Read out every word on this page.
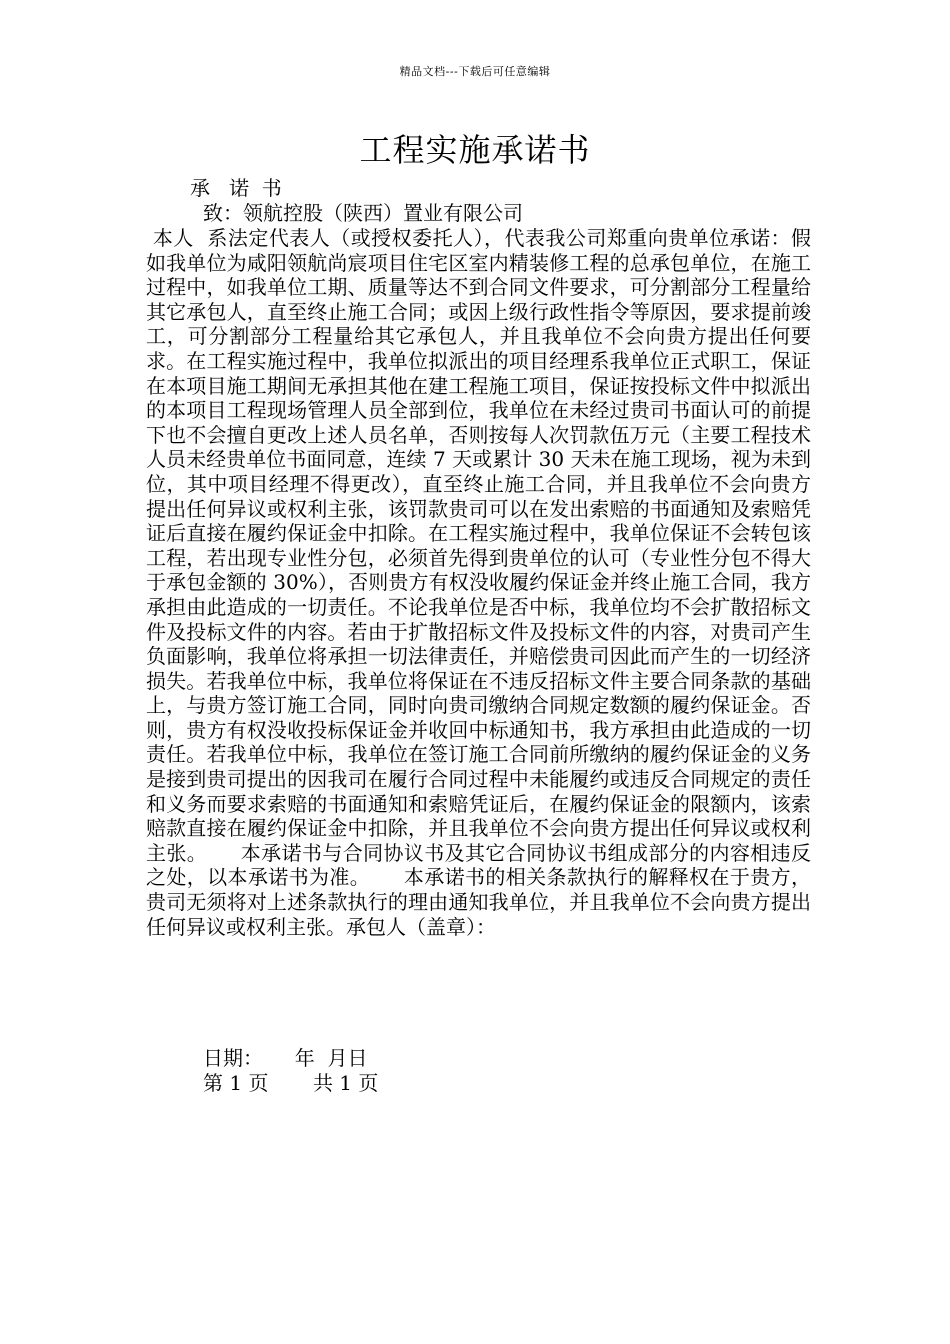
精品文档---下载后可任意编辑
工程实施承诺书
承   诺  书
致：领航控股（陕西）置业有限公司
本人  系法定代表人（或授权委托人），代表我公司郑重向贵单位承诺：假如我单位为咸阳领航尚宸项目住宅区室内精装修工程的总承包单位，在施工过程中，如我单位工期、质量等达不到合同文件要求，可分割部分工程量给其它承包人，直至终止施工合同；或因上级行政性指令等原因，要求提前竣工，可分割部分工程量给其它承包人，并且我单位不会向贵方提出任何要求。在工程实施过程中，我单位拟派出的项目经理系我单位正式职工，保证在本项目施工期间无承担其他在建工程施工项目，保证按投标文件中拟派出的本项目工程现场管理人员全部到位，我单位在未经过贵司书面认可的前提下也不会擅自更改上述人员名单，否则按每人次罚款伍万元（主要工程技术人员未经贵单位书面同意，连续 7 天或累计 30 天未在施工现场，视为未到位，其中项目经理不得更改），直至终止施工合同，并且我单位不会向贵方提出任何异议或权利主张，该罚款贵司可以在发出索赔的书面通知及索赔凭证后直接在履约保证金中扣除。在工程实施过程中，我单位保证不会转包该工程，若出现专业性分包，必须首先得到贵单位的认可（专业性分包不得大于承包金额的 30%），否则贵方有权没收履约保证金并终止施工合同，我方承担由此造成的一切责任。不论我单位是否中标，我单位均不会扩散招标文件及投标文件的内容。若由于扩散招标文件及投标文件的内容，对贵司产生负面影响，我单位将承担一切法律责任，并赔偿贵司因此而产生的一切经济损失。若我单位中标，我单位将保证在不违反招标文件主要合同条款的基础上，与贵方签订施工合同，同时向贵司缴纳合同规定数额的履约保证金。否则，贵方有权没收投标保证金并收回中标通知书，我方承担由此造成的一切责任。若我单位中标，我单位在签订施工合同前所缴纳的履约保证金的义务是接到贵司提出的因我司在履行合同过程中未能履约或违反合同规定的责任和义务而要求索赔的书面通知和索赔凭证后，在履约保证金的限额内，该索赔款直接在履约保证金中扣除，并且我单位不会向贵方提出任何异议或权利主张。     本承诺书与合同协议书及其它合同协议书组成部分的内容相违反之处，以本承诺书为准。     本承诺书的相关条款执行的解释权在于贵方，贵司无须将对上述条款执行的理由通知我单位，并且我单位不会向贵方提出任何异议或权利主张。承包人（盖章）：
日期：     年  月日
第 1 页       共 1 页
